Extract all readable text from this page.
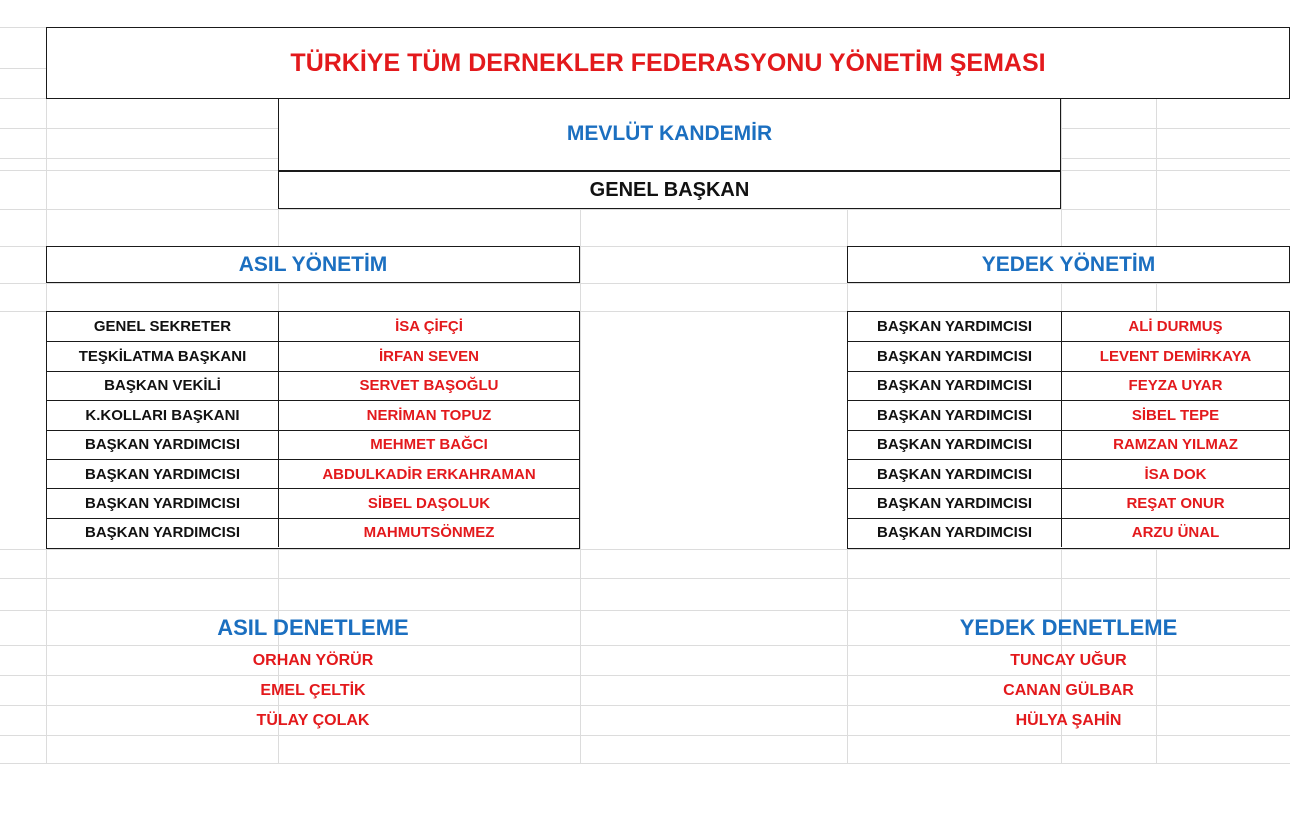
TÜRKİYE TÜM DERNEKLER FEDERASYONU YÖNETİM ŞEMASI
MEVLÜT KANDEMİR
GENEL BAŞKAN
ASIL YÖNETİM	YEDEK YÖNETİM
GENEL SEKRETER	İSA ÇİFÇİ
TEŞKİLATMA BAŞKANI	İRFAN SEVEN
BAŞKAN VEKİLİ	SERVET BAŞOĞLU
K.KOLLARI BAŞKANI	NERİMAN TOPUZ
BAŞKAN YARDIMCISI	MEHMET BAĞCI
BAŞKAN YARDIMCISI	ABDULKADİR ERKAHRAMAN
BAŞKAN YARDIMCISI	SİBEL DAŞOLUK
BAŞKAN YARDIMCISI	MAHMUTSÖNMEZ
BAŞKAN YARDIMCISI	ALİ DURMUŞ
BAŞKAN YARDIMCISI	LEVENT DEMİRKAYA
BAŞKAN YARDIMCISI	FEYZA UYAR
BAŞKAN YARDIMCISI	SİBEL TEPE
BAŞKAN YARDIMCISI	RAMZAN YILMAZ
BAŞKAN YARDIMCISI	İSA DOK
BAŞKAN YARDIMCISI	REŞAT ONUR
BAŞKAN YARDIMCISI	ARZU ÜNAL
ASIL DENETLEME	YEDEK DENETLEME
ORHAN YÖRÜR
EMEL ÇELTİK
TÜLAY ÇOLAK
TUNCAY UĞUR
CANAN GÜLBAR
HÜLYA ŞAHİN
